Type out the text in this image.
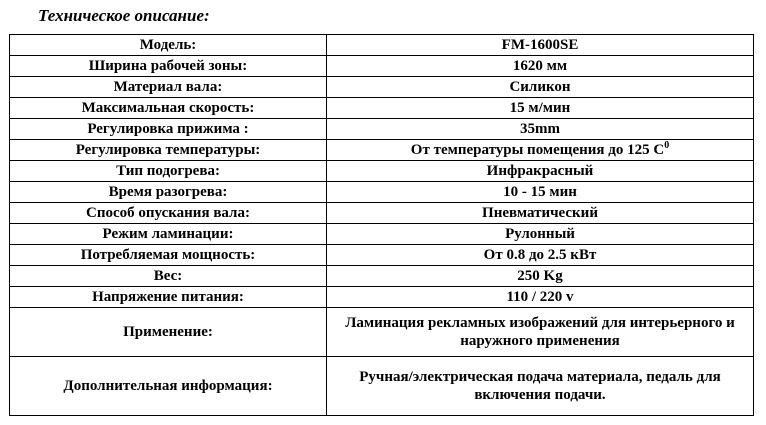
Техническое описание:
Модель:	FM-1600SE
Ширина рабочей зоны:	1620 мм
Материал вала:	Силикон
Максимальная скорость:	15 м/мин
Регулировка прижима :	35mm
Регулировка температуры:	От температуры помещения до 125 $С^0$
Тип подогрева:	Инфракрасный
Время разогрева:	10 - 15 мин
Способ опускания вала:	Пневматический
Режим ламинации:	Рулонный
Потребляемая мощность:	От 0.8 до 2.5 кВт
Вес:	250 Kg
Напряжение питания:	110 / 220 v
Применение:	Ламинация рекламных изображений для интерьерного и наружного применения
Дополнительная информация:	Ручная/электрическая подача материала, педаль для включения подачи.
